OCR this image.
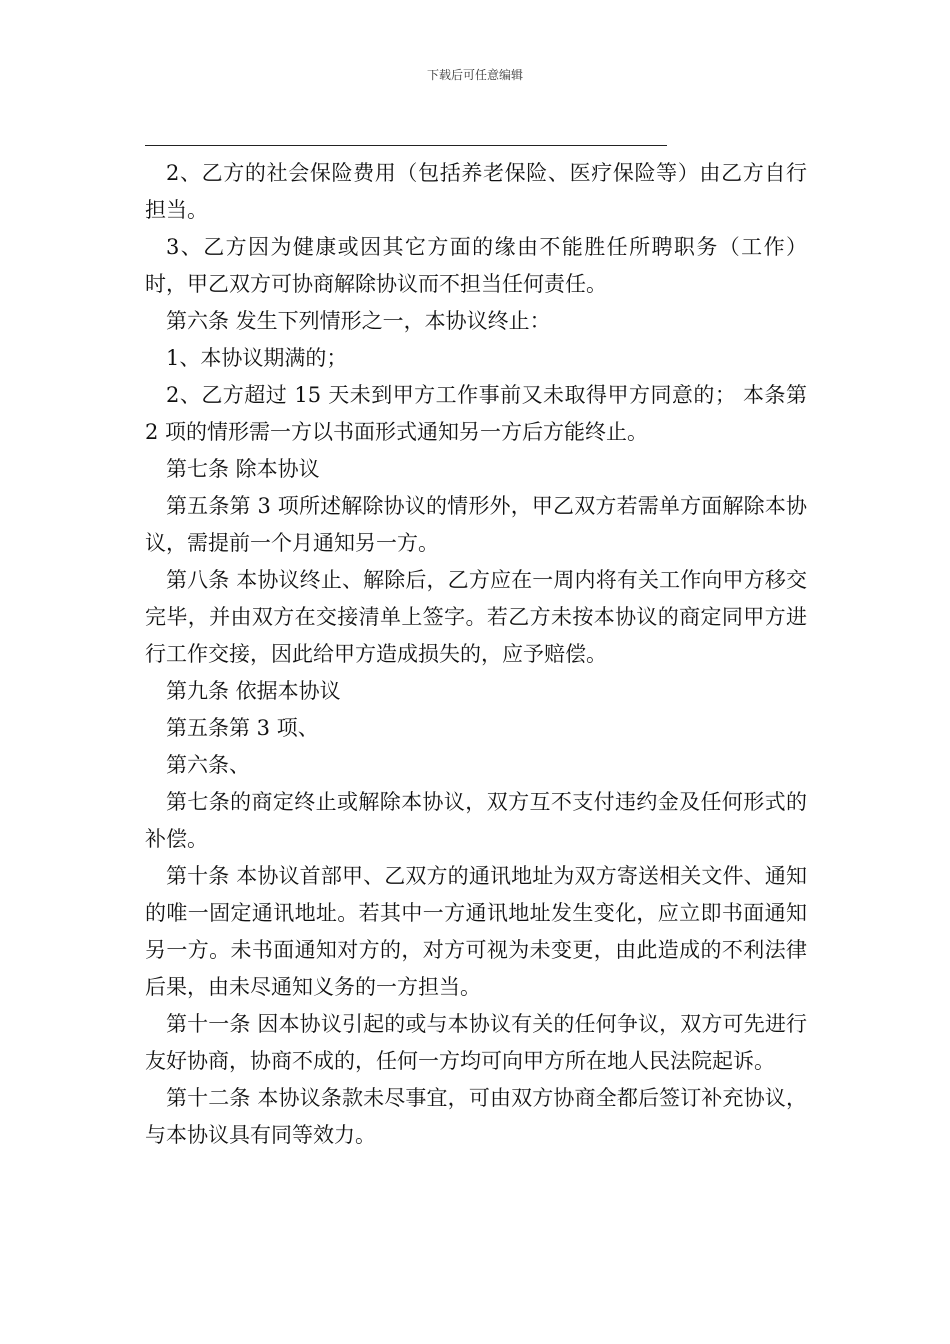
下载后可任意编辑

2、乙方的社会保险费用（包括养老保险、医疗保险等）由乙方自行担当。

3、乙方因为健康或因其它方面的缘由不能胜任所聘职务（工作）时，甲乙双方可协商解除协议而不担当任何责任。

第六条 发生下列情形之一，本协议终止：

1、本协议期满的；

2、乙方超过 15 天未到甲方工作事前又未取得甲方同意的； 本条第 2 项的情形需一方以书面形式通知另一方后方能终止。

第七条 除本协议

第五条第 3 项所述解除协议的情形外，甲乙双方若需单方面解除本协议，需提前一个月通知另一方。

第八条 本协议终止、解除后，乙方应在一周内将有关工作向甲方移交完毕，并由双方在交接清单上签字。若乙方未按本协议的商定同甲方进行工作交接，因此给甲方造成损失的，应予赔偿。

第九条 依据本协议

第五条第 3 项、

第六条、

第七条的商定终止或解除本协议，双方互不支付违约金及任何形式的补偿。

第十条 本协议首部甲、乙双方的通讯地址为双方寄送相关文件、通知的唯一固定通讯地址。若其中一方通讯地址发生变化，应立即书面通知另一方。未书面通知对方的，对方可视为未变更，由此造成的不利法律后果，由未尽通知义务的一方担当。

第十一条 因本协议引起的或与本协议有关的任何争议，双方可先进行友好协商，协商不成的，任何一方均可向甲方所在地人民法院起诉。

第十二条 本协议条款未尽事宜，可由双方协商全都后签订补充协议，与本协议具有同等效力。
